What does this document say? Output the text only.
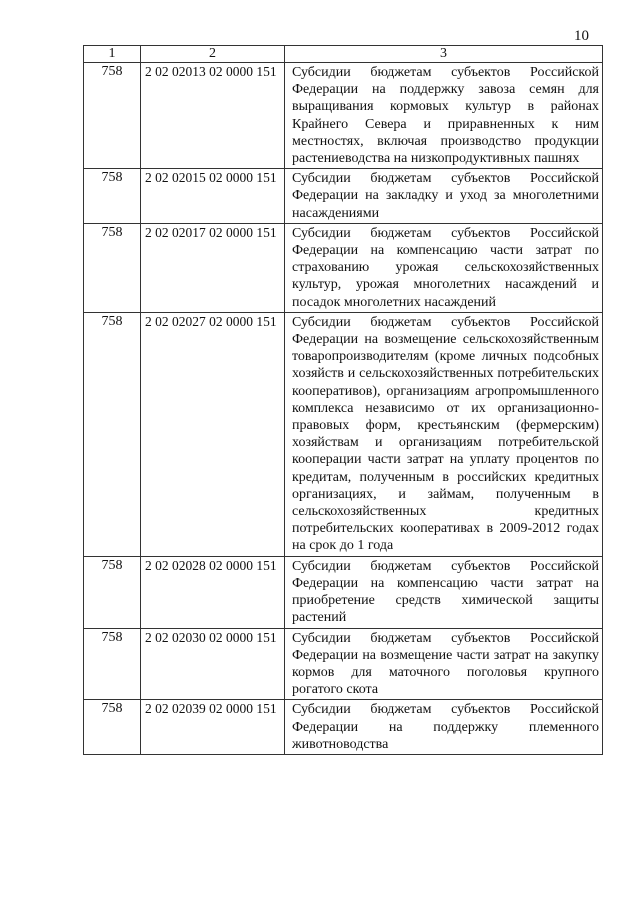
10
1	2	3
758	2 02 02013 02 0000 151	Субсидии бюджетам субъектов Российской Федерации на поддержку завоза семян для выращивания кормовых культур в районах Крайнего Севера и приравненных к ним местностях, включая производство продукции растениеводства на низкопродуктивных пашнях

758	2 02 02015 02 0000 151	Субсидии бюджетам субъектов Российской Федерации на закладку и уход за многолетними насаждениями

758	2 02 02017 02 0000 151	Субсидии бюджетам субъектов Российской Федерации на компенсацию части затрат по страхованию урожая сельскохозяйственных культур, урожая многолетних насаждений и посадок многолетних насаждений

758	2 02 02027 02 0000 151	Субсидии бюджетам субъектов Российской Федерации на возмещение сельскохозяйственным товаропроизводителям (кроме личных подсобных хозяйств и сельскохозяйственных потребительских кооперативов), организациям агропромышленного комплекса независимо от их организационно-правовых форм, крестьянским (фермерским) хозяйствам и организациям потребительской кооперации части затрат на уплату процентов по кредитам, полученным в российских кредитных организациях, и займам, полученным в сельскохозяйственных кредитных потребительских кооперативах в 2009-2012 годах на срок до 1 года

758	2 02 02028 02 0000 151	Субсидии бюджетам субъектов Российской Федерации на компенсацию части затрат на приобретение средств химической защиты растений

758	2 02 02030 02 0000 151	Субсидии бюджетам субъектов Российской Федерации на возмещение части затрат на закупку кормов для маточного поголовья крупного рогатого скота

758	2 02 02039 02 0000 151	Субсидии бюджетам субъектов Российской Федерации на поддержку племенного животноводства
